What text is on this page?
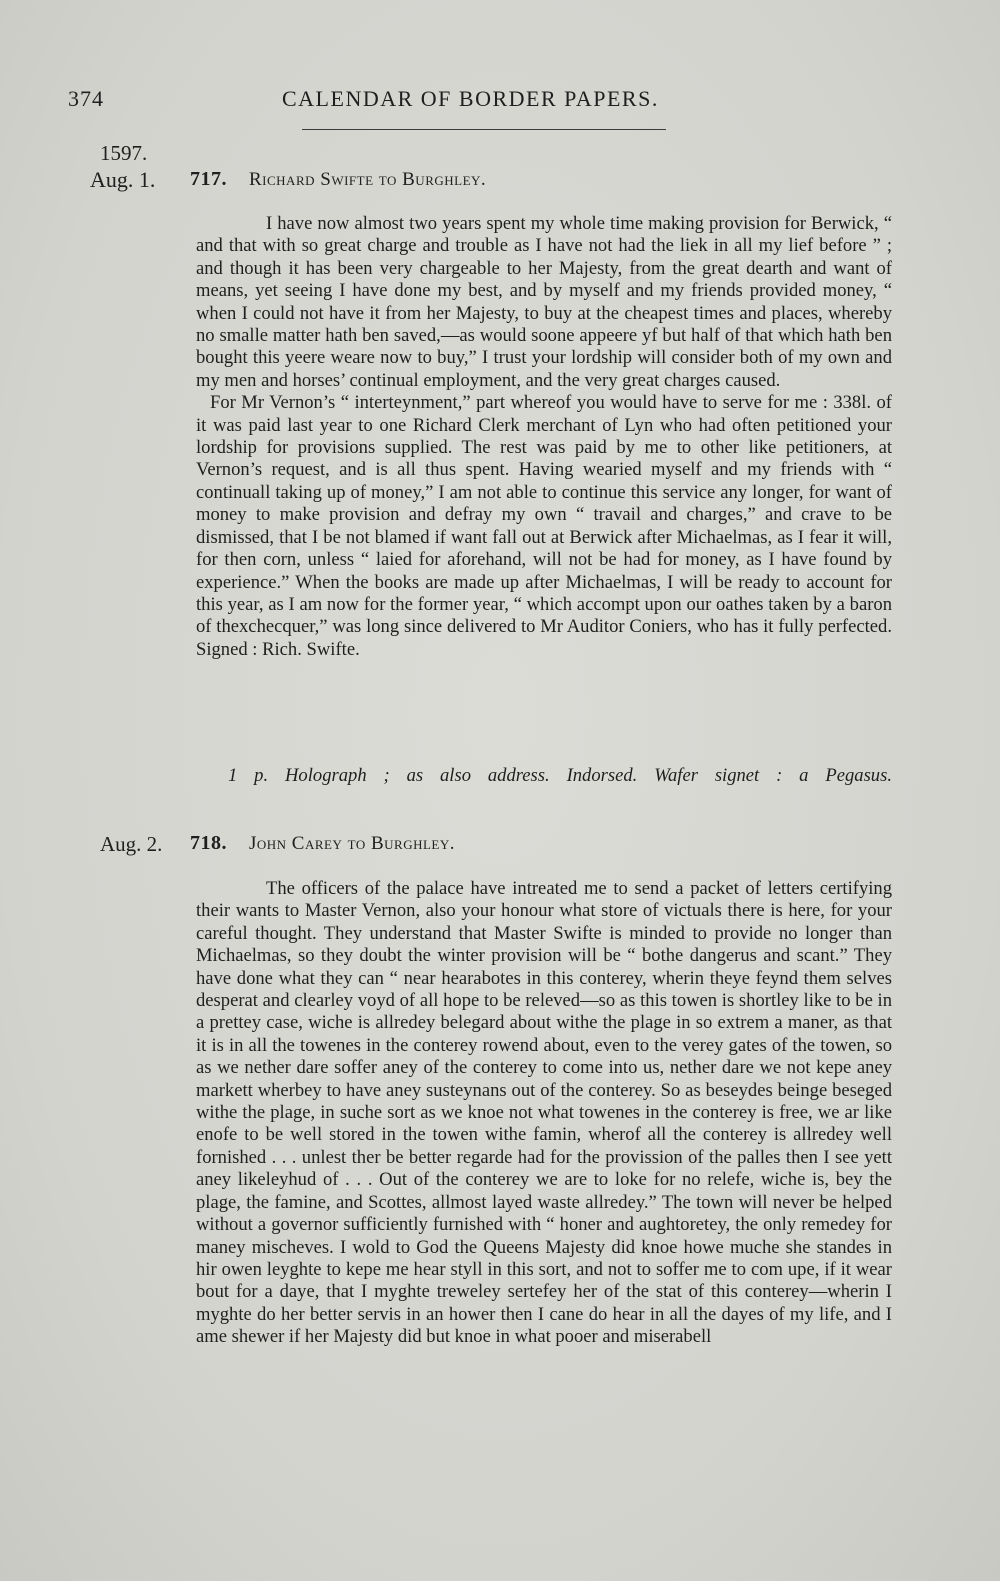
374	CALENDAR OF BORDER PAPERS.
1597.
Aug. 1. 717. Richard Swifte to Burghley.

I have now almost two years spent my whole time making provision for Berwick, “ and that with so great charge and trouble as I have not had the liek in all my lief before ” ; and though it has been very chargeable to her Majesty, from the great dearth and want of means, yet seeing I have done my best, and by myself and my friends provided money, “ when I could not have it from her Majesty, to buy at the cheapest times and places, whereby no smalle matter hath ben saved,—as would soone appeere yf but half of that which hath ben bought this yeere weare now to buy,” I trust your lordship will consider both of my own and my men and horses’ continual employment, and the very great charges caused.

For Mr Vernon’s “ interteynment,” part whereof you would have to serve for me : 338l. of it was paid last year to one Richard Clerk merchant of Lyn who had often petitioned your lordship for provisions supplied. The rest was paid by me to other like petitioners, at Vernon’s request, and is all thus spent. Having wearied myself and my friends with “ continuall taking up of money,” I am not able to continue this service any longer, for want of money to make provision and defray my own “ travail and charges,” and crave to be dismissed, that I be not blamed if want fall out at Berwick after Michaelmas, as I fear it will, for then corn, unless “ laied for aforehand, will not be had for money, as I have found by experience.” When the books are made up after Michaelmas, I will be ready to account for this year, as I am now for the former year, “ which accompt upon our oathes taken by a baron of thexchecquer,” was long since delivered to Mr Auditor Coniers, who has it fully perfected. Signed : Rich. Swifte.

1 p. Holograph ; as also address. Indorsed. Wafer signet : a Pegasus.
Aug. 2. 718. John Carey to Burghley.

The officers of the palace have intreated me to send a packet of letters certifying their wants to Master Vernon, also your honour what store of victuals there is here, for your careful thought. They understand that Master Swifte is minded to provide no longer than Michaelmas, so they doubt the winter provision will be “ bothe dangerus and scant.” They have done what they can “ near hearabotes in this conterey, wherin theye feynd them selves desperat and clearley voyd of all hope to be releved—so as this towen is shortley like to be in a prettey case, wiche is allredey belegard about withe the plage in so extrem a maner, as that it is in all the towenes in the conterey rowend about, even to the verey gates of the towen, so as we nether dare soffer aney of the conterey to come into us, nether dare we not kepe aney markett wherbey to have aney susteynans out of the conterey. So as beseydes beinge beseged withe the plage, in suche sort as we knoe not what towenes in the conterey is free, we ar like enofe to be well stored in the towen withe famin, wherof all the conterey is allredey well fornished . . . unlest ther be better regarde had for the provission of the palles then I see yett aney likeleyhud of . . . Out of the conterey we are to loke for no relefe, wiche is, bey the plage, the famine, and Scottes, allmost layed waste allredey.” The town will never be helped without a governor sufficiently furnished with “ honer and aughtoretey, the only remedey for maney mischeves. I wold to God the Queens Majesty did knoe howe muche she standes in hir owen leyghte to kepe me hear styll in this sort, and not to soffer me to com upe, if it wear bout for a daye, that I myghte treweley sertefey her of the stat of this conterey—wherin I myghte do her better servis in an hower then I cane do hear in all the dayes of my life, and I ame shewer if her Majesty did but knoe in what pooer and miserabell
